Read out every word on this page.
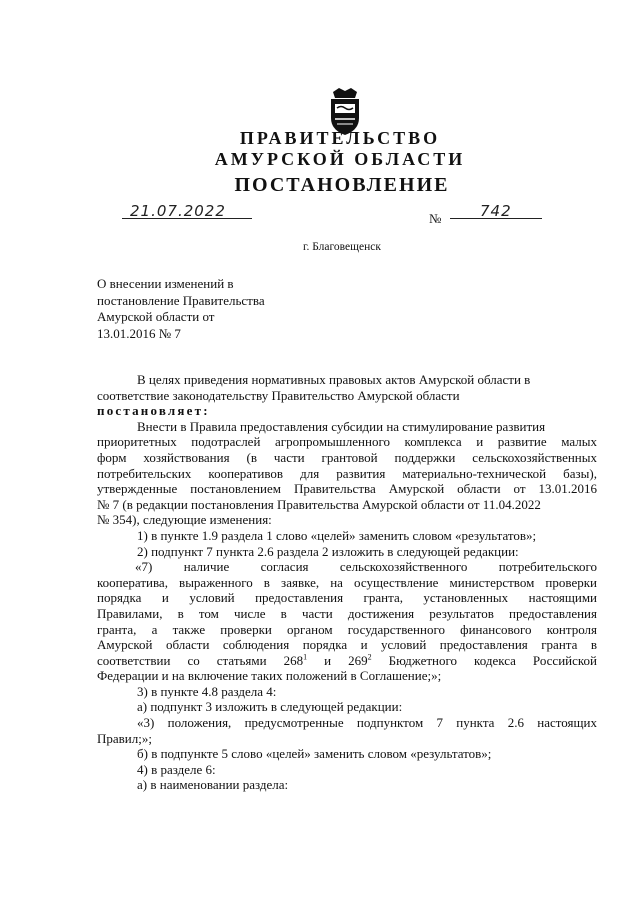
ПРАВИТЕЛЬСТВО
АМУРСКОЙ ОБЛАСТИ
ПОСТАНОВЛЕНИЕ
21.07.2022	№	742
г. Благовещенск
О внесении изменений в
постановление Правительства
Амурской области от
13.01.2016 № 7
В целях приведения нормативных правовых актов Амурской области в
соответствие законодательству Правительство Амурской области
постановляет:
Внести в Правила предоставления субсидии на стимулирование развития
приоритетных подотраслей агропромышленного комплекса и развитие малых
форм хозяйствования (в части грантовой поддержки сельскохозяйственных
потребительских кооперативов для развития материально-технической базы),
утвержденные постановлением Правительства Амурской области от 13.01.2016
№ 7 (в редакции постановления Правительства Амурской области от 11.04.2022
№ 354), следующие изменения:
1) в пункте 1.9 раздела 1 слово «целей» заменить словом «результатов»;
2) подпункт 7 пункта 2.6 раздела 2 изложить в следующей редакции:
«7) наличие согласия сельскохозяйственного потребительского
кооператива, выраженного в заявке, на осуществление министерством проверки
порядка и условий предоставления гранта, установленных настоящими
Правилами, в том числе в части достижения результатов предоставления
гранта, а также проверки органом государственного финансового контроля
Амурской области соблюдения порядка и условий предоставления гранта в
соответствии со статьями $268^1$ и $269^2$ Бюджетного кодекса Российской
Федерации и на включение таких положений в Соглашение;»;
3) в пункте 4.8 раздела 4:
а) подпункт 3 изложить в следующей редакции:
«3) положения, предусмотренные подпунктом 7 пункта 2.6 настоящих
Правил;»;
б) в подпункте 5 слово «целей» заменить словом «результатов»;
4) в разделе 6:
а) в наименовании раздела:
